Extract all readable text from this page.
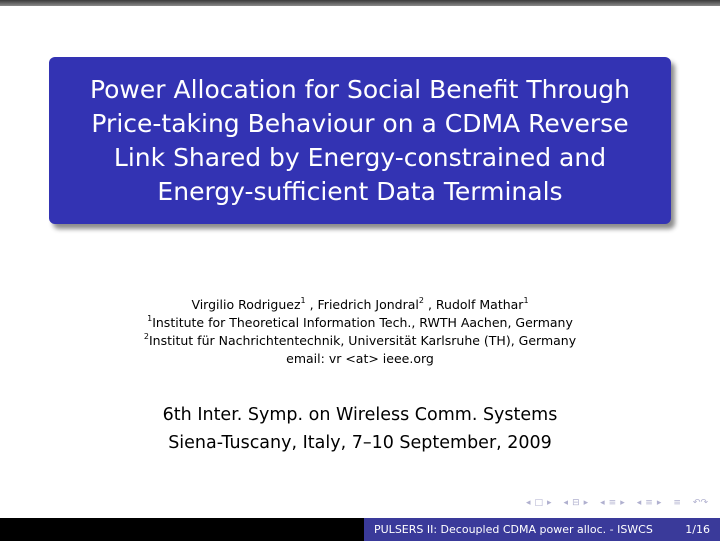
Power Allocation for Social Benefit Through
Price-taking Behaviour on a CDMA Reverse
Link Shared by Energy-constrained and
Energy-sufficient Data Terminals
Virgilio Rodriguez$^1$ , Friedrich Jondral$^2$ , Rudolf Mathar$^1$
$^1$Institute for Theoretical Information Tech., RWTH Aachen, Germany
$^2$Institut für Nachrichtentechnik, Universität Karlsruhe (TH), Germany
email: vr <at> ieee.org
6th Inter. Symp. on Wireless Comm. Systems
Siena-Tuscany, Italy, 7–10 September, 2009
◂ □ ▸ ◂ ⊟ ▸ ◂ ≡ ▸ ◂ ≡ ▸ ≡ ↶↷
PULSERS II: Decoupled CDMA power alloc. - ISWCS	1/16
